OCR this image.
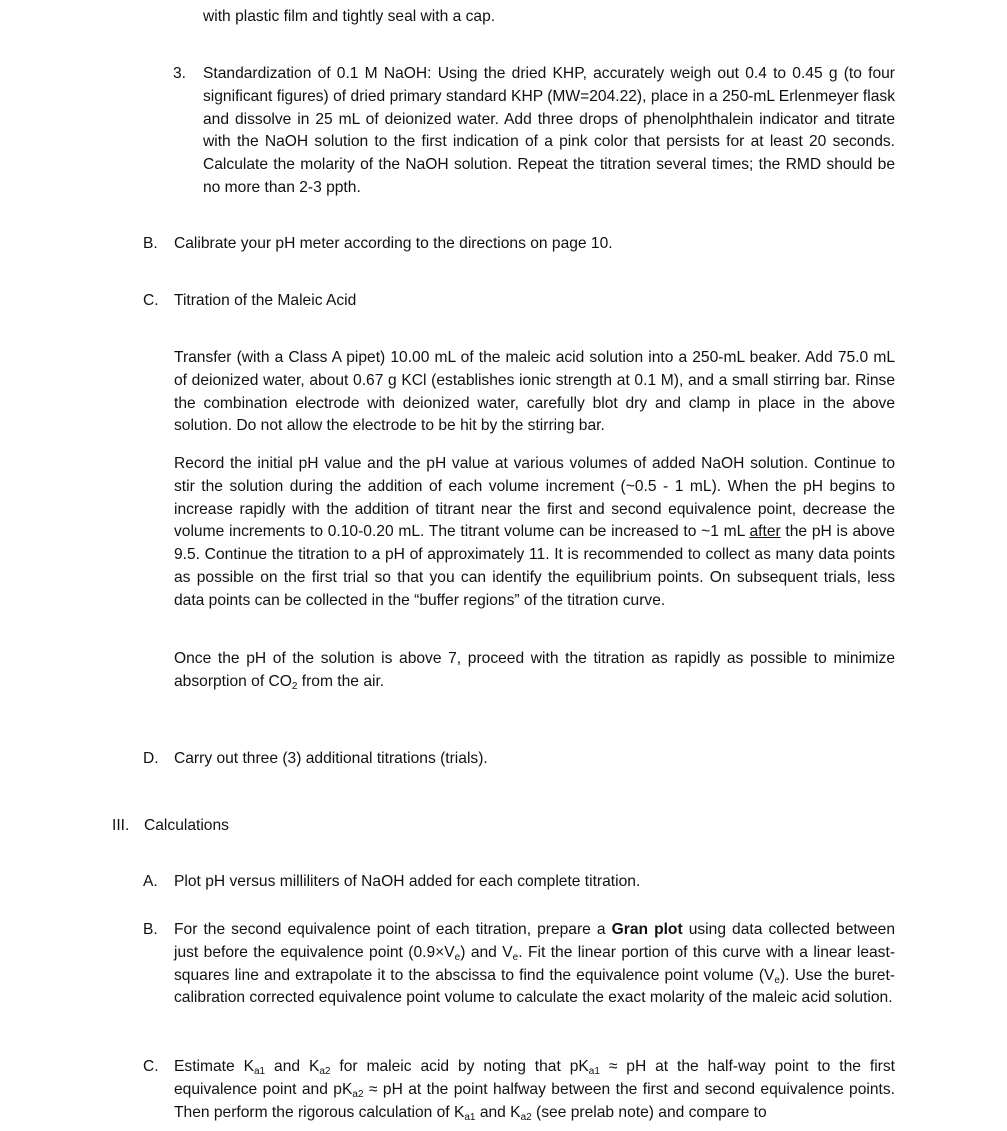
with plastic film and tightly seal with a cap.

3. Standardization of 0.1 M NaOH: Using the dried KHP, accurately weigh out 0.4 to 0.45 g (to four significant figures) of dried primary standard KHP (MW=204.22), place in a 250-mL Erlenmeyer flask and dissolve in 25 mL of deionized water. Add three drops of phenolphthalein indicator and titrate with the NaOH solution to the first indication of a pink color that persists for at least 20 seconds. Calculate the molarity of the NaOH solution. Repeat the titration several times; the RMD should be no more than 2-3 ppth.

B. Calibrate your pH meter according to the directions on page 10.

C. Titration of the Maleic Acid

Transfer (with a Class A pipet) 10.00 mL of the maleic acid solution into a 250-mL beaker. Add 75.0 mL of deionized water, about 0.67 g KCl (establishes ionic strength at 0.1 M), and a small stirring bar. Rinse the combination electrode with deionized water, carefully blot dry and clamp in place in the above solution. Do not allow the electrode to be hit by the stirring bar.

Record the initial pH value and the pH value at various volumes of added NaOH solution. Continue to stir the solution during the addition of each volume increment (~0.5 - 1 mL). When the pH begins to increase rapidly with the addition of titrant near the first and second equivalence point, decrease the volume increments to 0.10-0.20 mL. The titrant volume can be increased to ~1 mL after the pH is above 9.5. Continue the titration to a pH of approximately 11. It is recommended to collect as many data points as possible on the first trial so that you can identify the equilibrium points. On subsequent trials, less data points can be collected in the “buffer regions” of the titration curve.

Once the pH of the solution is above 7, proceed with the titration as rapidly as possible to minimize absorption of $CO_2$ from the air.

D. Carry out three (3) additional titrations (trials).

III. Calculations

A. Plot pH versus milliliters of NaOH added for each complete titration.

B. For the second equivalence point of each titration, prepare a Gran plot using data collected between just before the equivalence point $(0.9\times V_e)$ and $V_e$. Fit the linear portion of this curve with a linear least-squares line and extrapolate it to the abscissa to find the equivalence point volume $(V_e)$. Use the buret-calibration corrected equivalence point volume to calculate the exact molarity of the maleic acid solution.

C. Estimate $K_{a1}$ and $K_{a2}$ for maleic acid by noting that $pK_{a1}$ ≈ pH at the half-way point to the first equivalence point and $pK_{a2}$ ≈ pH at the point halfway between the first and second equivalence points. Then perform the rigorous calculation of $K_{a1}$ and $K_{a2}$ (see prelab note) and compare to
